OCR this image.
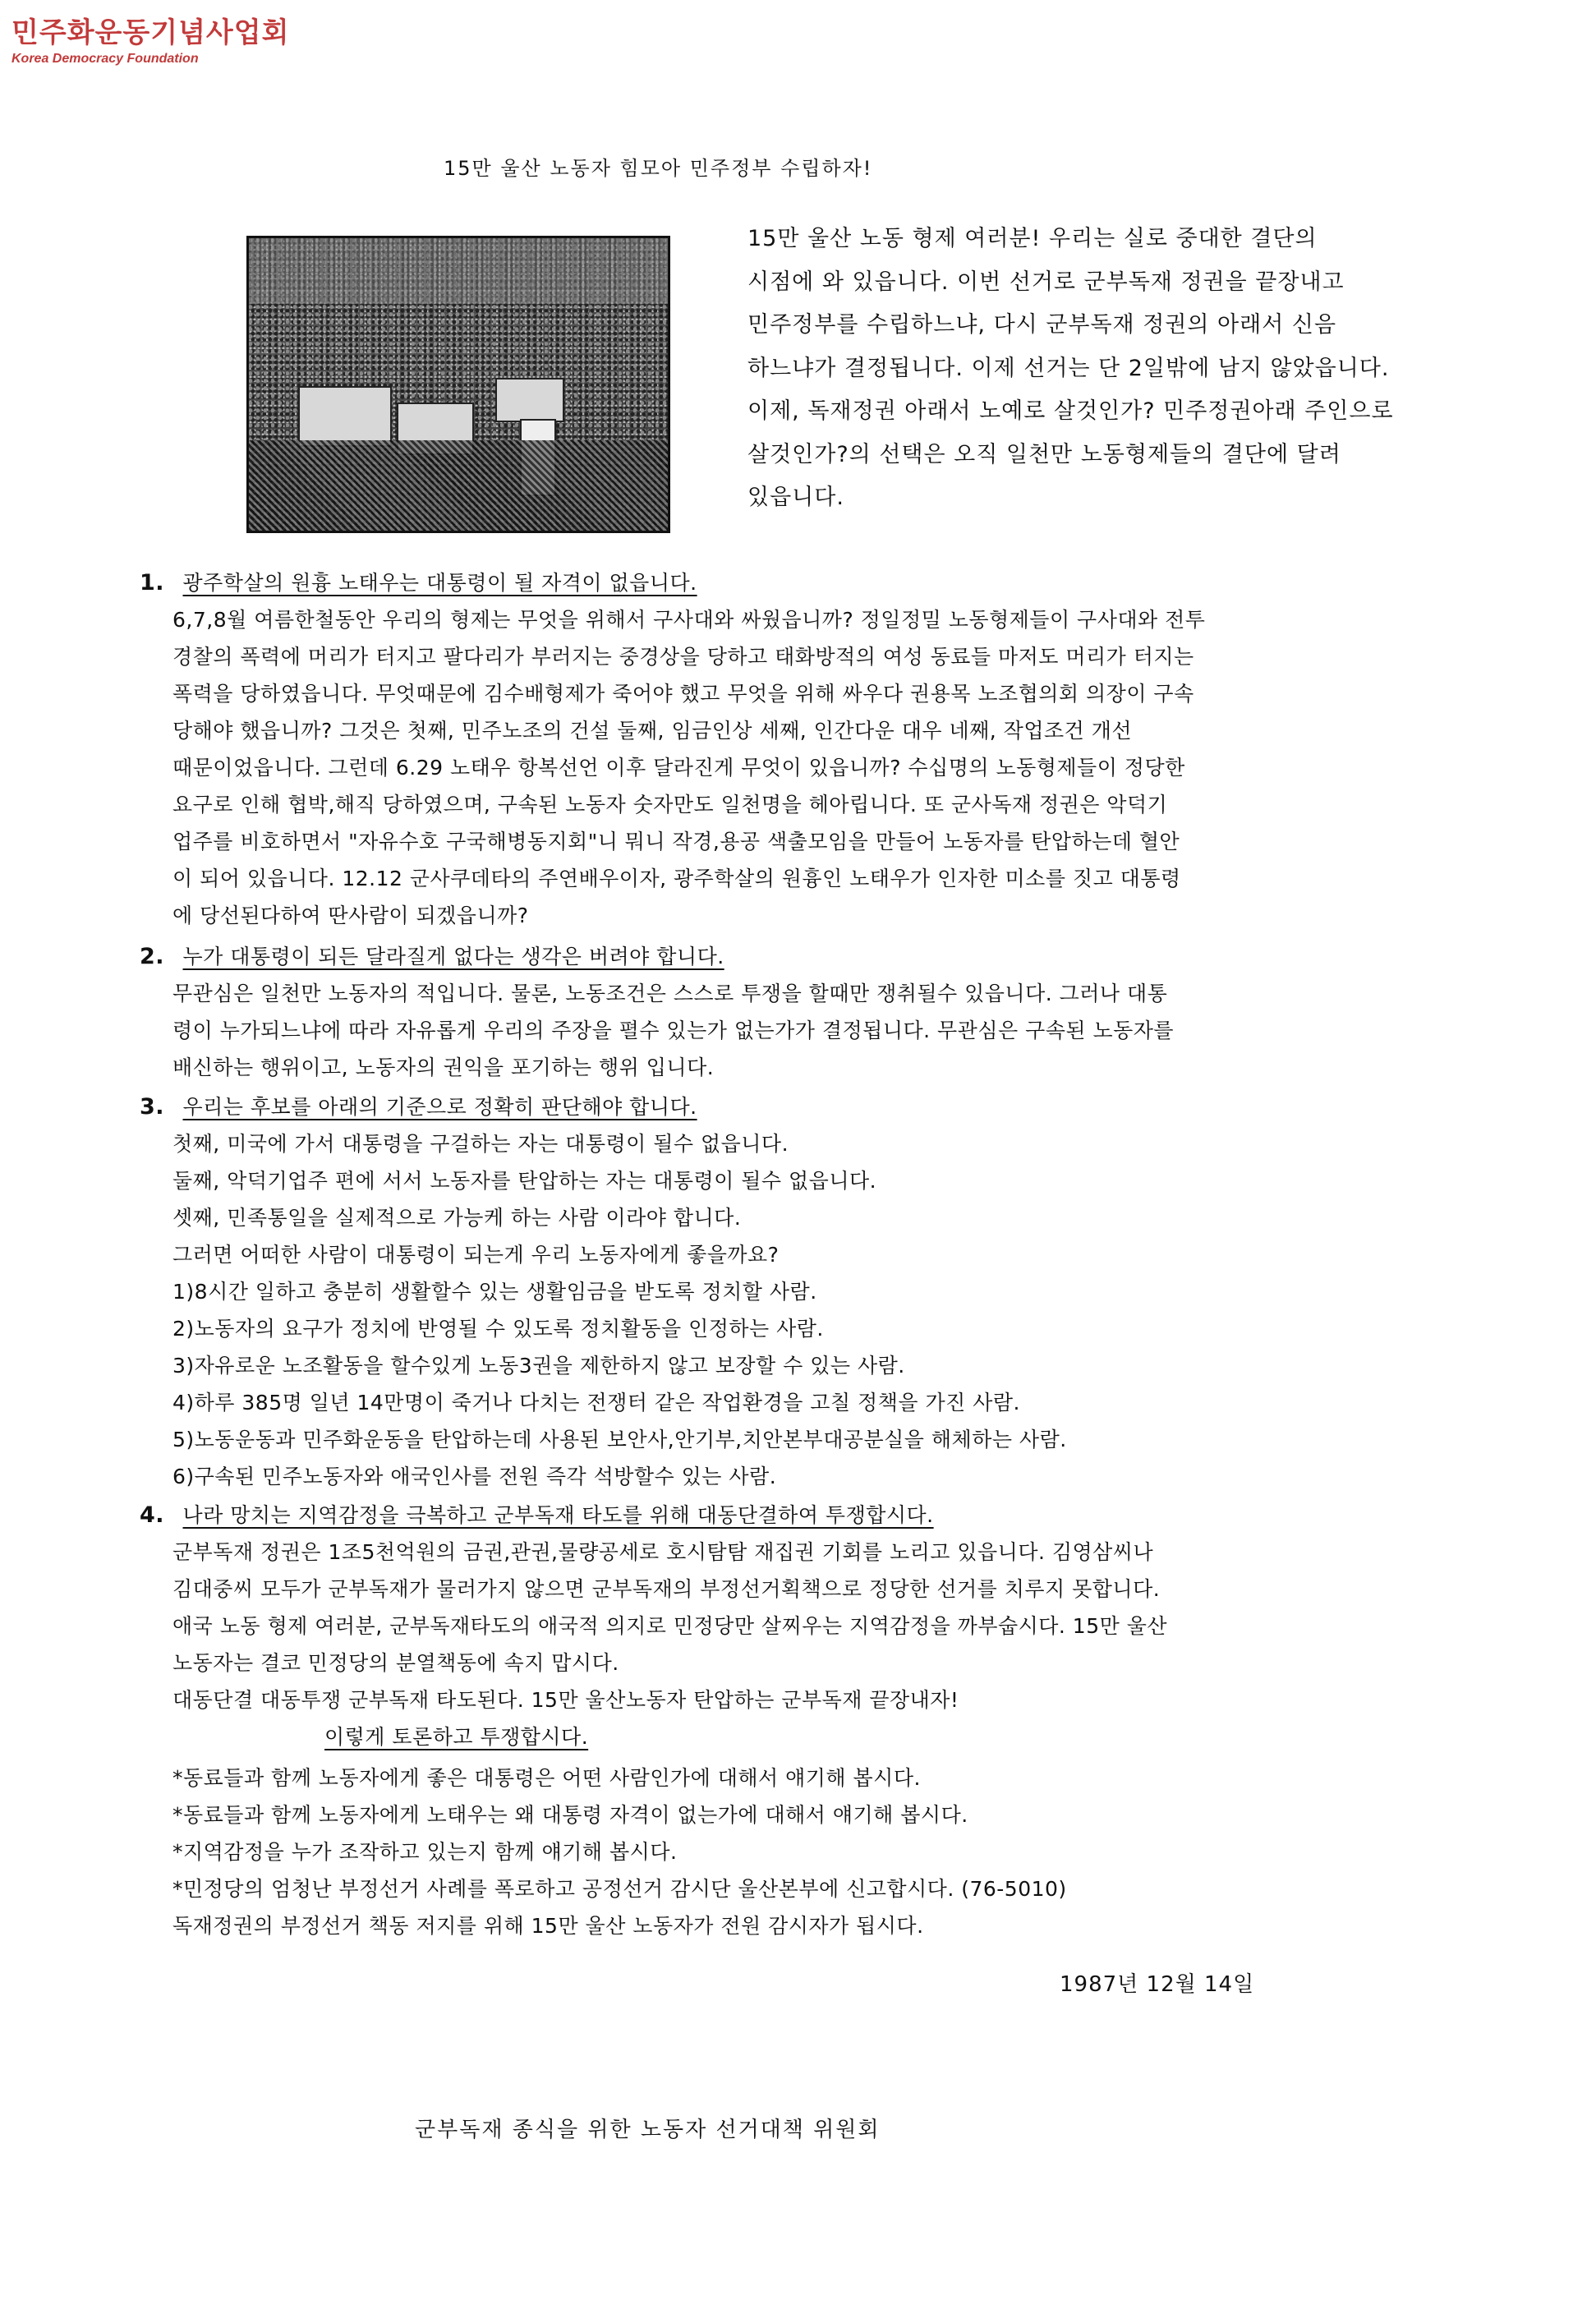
민주화운동기념사업회
Korea Democracy Foundation
15만 울산 노동자 힘모아 민주정부 수립하자!

15만 울산 노동 형제 여러분! 우리는 실로 중대한 결단의

시점에 와 있읍니다. 이번 선거로 군부독재 정권을 끝장내고

민주정부를 수립하느냐, 다시 군부독재 정권의 아래서 신음

하느냐가 결정됩니다. 이제 선거는 단 2일밖에 남지 않았읍니다.

이제, 독재정권 아래서 노예로 살것인가? 민주정권아래 주인으로

살것인가?의 선택은 오직 일천만 노동형제들의 결단에 달려

있읍니다.

1. 광주학살의 원흉 노태우는 대통령이 될 자격이 없읍니다.
6,7,8월 여름한철동안 우리의 형제는 무엇을 위해서 구사대와 싸웠읍니까? 정일정밀 노동형제들이 구사대와 전투
경찰의 폭력에 머리가 터지고 팔다리가 부러지는 중경상을 당하고 태화방적의 여성 동료들 마저도 머리가 터지는
폭력을 당하였읍니다. 무엇때문에 김수배형제가 죽어야 했고 무엇을 위해 싸우다 권용목 노조협의회 의장이 구속
당해야 했읍니까? 그것은 첫째, 민주노조의 건설 둘째, 임금인상 세째, 인간다운 대우 네째, 작업조건 개선
때문이었읍니다. 그런데 6.29 노태우 항복선언 이후 달라진게 무엇이 있읍니까? 수십명의 노동형제들이 정당한
요구로 인해 협박,해직 당하였으며, 구속된 노동자 숫자만도 일천명을 헤아립니다. 또 군사독재 정권은 악덕기
업주를 비호하면서 "자유수호 구국해병동지회"니 뭐니 작경,용공 색출모임을 만들어 노동자를 탄압하는데 혈안
이 되어 있읍니다. 12.12 군사쿠데타의 주연배우이자, 광주학살의 원흉인 노태우가 인자한 미소를 짓고 대통령
에 당선된다하여 딴사람이 되겠읍니까?
2. 누가 대통령이 되든 달라질게 없다는 생각은 버려야 합니다.
무관심은 일천만 노동자의 적입니다. 물론, 노동조건은 스스로 투쟁을 할때만 쟁취될수 있읍니다. 그러나 대통
령이 누가되느냐에 따라 자유롭게 우리의 주장을 펼수 있는가 없는가가 결정됩니다. 무관심은 구속된 노동자를
배신하는 행위이고, 노동자의 권익을 포기하는 행위 입니다.
3. 우리는 후보를 아래의 기준으로 정확히 판단해야 합니다.
첫째, 미국에 가서 대통령을 구걸하는 자는 대통령이 될수 없읍니다.
둘째, 악덕기업주 편에 서서 노동자를 탄압하는 자는 대통령이 될수 없읍니다.
셋째, 민족통일을 실제적으로 가능케 하는 사람 이라야 합니다.
그러면 어떠한 사람이 대통령이 되는게 우리 노동자에게 좋을까요?
1)8시간 일하고 충분히 생활할수 있는 생활임금을 받도록 정치할 사람.
2)노동자의 요구가 정치에 반영될 수 있도록 정치활동을 인정하는 사람.
3)자유로운 노조활동을 할수있게 노동3권을 제한하지 않고 보장할 수 있는 사람.
4)하루 385명 일년 14만명이 죽거나 다치는 전쟁터 같은 작업환경을 고칠 정책을 가진 사람.
5)노동운동과 민주화운동을 탄압하는데 사용된 보안사,안기부,치안본부대공분실을 해체하는 사람.
6)구속된 민주노동자와 애국인사를 전원 즉각 석방할수 있는 사람.
4. 나라 망치는 지역감정을 극복하고 군부독재 타도를 위해 대동단결하여 투쟁합시다.
군부독재 정권은 1조5천억원의 금권,관권,물량공세로 호시탐탐 재집권 기회를 노리고 있읍니다. 김영삼씨나
김대중씨 모두가 군부독재가 물러가지 않으면 군부독재의 부정선거획책으로 정당한 선거를 치루지 못합니다.
애국 노동 형제 여러분, 군부독재타도의 애국적 의지로 민정당만 살찌우는 지역감정을 까부숩시다. 15만 울산
노동자는 결코 민정당의 분열책동에 속지 맙시다.
대동단결 대동투쟁 군부독재 타도된다. 15만 울산노동자 탄압하는 군부독재 끝장내자!
이렇게 토론하고 투쟁합시다.
*동료들과 함께 노동자에게 좋은 대통령은 어떤 사람인가에 대해서 얘기해 봅시다.
*동료들과 함께 노동자에게 노태우는 왜 대통령 자격이 없는가에 대해서 얘기해 봅시다.
*지역감정을 누가 조작하고 있는지 함께 얘기해 봅시다.
*민정당의 엄청난 부정선거 사례를 폭로하고 공정선거 감시단 울산본부에 신고합시다. (76-5010)
독재정권의 부정선거 책동 저지를 위해 15만 울산 노동자가 전원 감시자가 됩시다.
1987년 12월 14일
군부독재 종식을 위한 노동자 선거대책 위원회
